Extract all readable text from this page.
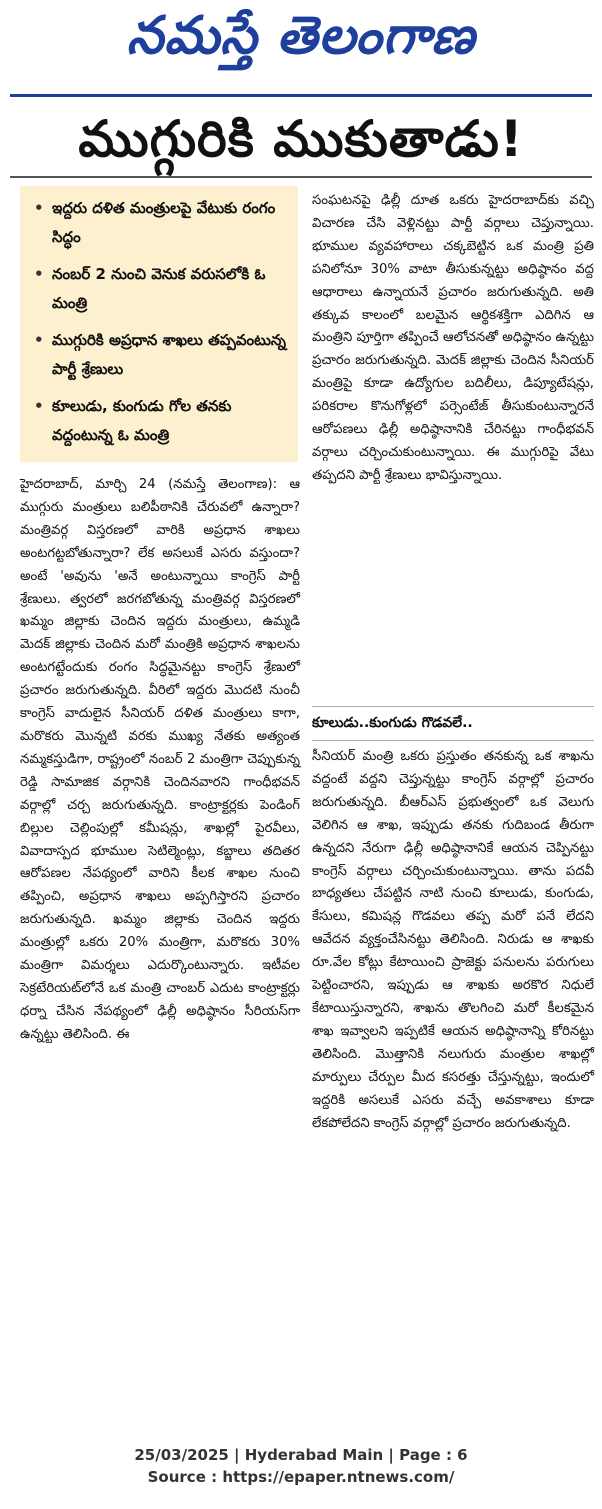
నమస్తే తెలంగాణ
ముగ్గురికి ముకుతాడు!
• ఇద్దరు దళిత మంత్రులపై వేటుకు రంగం సిద్ధం
• నంబర్ 2 నుంచి వెనుక వరుసలోకి ఓ మంత్రి
• ముగ్గురికి అప్రధాన శాఖలు తప్పవంటున్న పార్టీ శ్రేణులు
• కూలుడు, కుంగుడు గోల తనకు వద్దంటున్న ఓ మంత్రి

హైదరాబాద్, మార్చి 24 (నమస్తే తెలంగాణ): ఆ ముగ్గురు మంత్రులు బలిపీఠానికి చేరువలో ఉన్నారా? మంత్రివర్గ విస్తరణలో వారికి అప్రధాన శాఖలు అంటగట్టబోతున్నారా? లేక అసలుకే ఎసరు వస్తుందా? అంటే 'అవును 'అనే అంటున్నాయి కాంగ్రెస్ పార్టీ శ్రేణులు. త్వరలో జరగబోతున్న మంత్రివర్గ విస్తరణలో ఖమ్మం జిల్లాకు చెందిన ఇద్దరు మంత్రులు, ఉమ్మడి మెదక్ జిల్లాకు చెందిన మరో మంత్రికి అప్రధాన శాఖలను అంటగట్టేందుకు రంగం సిద్ధమైనట్టు కాంగ్రెస్ శ్రేణులో ప్రచారం జరుగుతున్నది. వీరిలో ఇద్దరు మొదటి నుంచీ కాంగ్రెస్ వాదులైన సీనియర్ దళిత మంత్రులు కాగా, మరొకరు మొన్నటి వరకు ముఖ్య నేతకు అత్యంత నమ్మకస్తుడిగా, రాష్ట్రంలో నంబర్ 2 మంత్రిగా చెప్పుకున్న రెడ్డి సామాజిక వర్గానికి చెందినవారని గాంధీభవన్ వర్గాల్లో చర్చ జరుగుతున్నది. కాంట్రాక్టర్లకు పెండింగ్ బిల్లుల చెల్లింపుల్లో కమీషన్లు, శాఖల్లో పైరవీలు, వివాదాస్పద భూముల సెటిల్మెంట్లు, కబ్జాలు తదితర ఆరోపణల నేపథ్యంలో వారిని కీలక శాఖల నుంచి తప్పించి, అప్రధాన శాఖలు అప్పగిస్తారని ప్రచారం జరుగుతున్నది. ఖమ్మం జిల్లాకు చెందిన ఇద్దరు మంత్రుల్లో ఒకరు 20% మంత్రిగా, మరొకరు 30% మంత్రిగా విమర్శలు ఎదుర్కొంటున్నారు. ఇటీవల సెక్రటేరియట్‌లోనే ఒక మంత్రి చాంబర్ ఎదుట కాంట్రాక్టర్లు ధర్నా చేసిన నేపథ్యంలో ఢిల్లీ అధిష్ఠానం సీరియస్‌గా ఉన్నట్టు తెలిసింది. ఈ

సంఘటనపై ఢిల్లీ దూత ఒకరు హైదరాబాద్‌కు వచ్చి విచారణ చేసి వెళ్లినట్టు పార్టీ వర్గాలు చెప్తున్నాయి. భూముల వ్యవహారాలు చక్కబెట్టిన ఒక మంత్రి ప్రతి పనిలోనూ 30% వాటా తీసుకున్నట్టు అధిష్ఠానం వద్ద ఆధారాలు ఉన్నాయనే ప్రచారం జరుగుతున్నది. అతి తక్కువ కాలంలో బలమైన ఆర్థికశక్తిగా ఎదిగిన ఆ మంత్రిని పూర్తిగా తప్పించే ఆలోచనతో అధిష్ఠానం ఉన్నట్టు ప్రచారం జరుగుతున్నది. మెదక్ జిల్లాకు చెందిన సీనియర్ మంత్రిపై కూడా ఉద్యోగుల బదిలీలు, డిప్యూటేషన్లు, పరికరాల కొనుగోళ్లలో పర్సెంటేజ్ తీసుకుంటున్నారనే ఆరోపణలు ఢిల్లీ అధిష్ఠానానికి చేరినట్టు గాంధీభవన్ వర్గాలు చర్చించుకుంటున్నాయి. ఈ ముగ్గురిపై వేటు తప్పదని పార్టీ శ్రేణులు భావిస్తున్నాయి.

కూలుడు..కుంగుడు గొడవలే..

సీనియర్ మంత్రి ఒకరు ప్రస్తుతం తనకున్న ఒక శాఖను వద్దంటే వద్దని చెప్తున్నట్టు కాంగ్రెస్ వర్గాల్లో ప్రచారం జరుగుతున్నది. బీఆర్ఎస్ ప్రభుత్వంలో ఒక వెలుగు వెలిగిన ఆ శాఖ, ఇప్పుడు తనకు గుదిబండ తీరుగా ఉన్నదని నేరుగా ఢిల్లీ అధిష్ఠానానికే ఆయన చెప్పినట్టు కాంగ్రెస్ వర్గాలు చర్చించుకుంటున్నాయి. తాను పదవీ బాధ్యతలు చేపట్టిన నాటి నుంచి కూలుడు, కుంగుడు, కేసులు, కమిషన్ల గొడవలు తప్ప మరో పనే లేదని ఆవేదన వ్యక్తంచేసినట్టు తెలిసింది. నిరుడు ఆ శాఖకు రూ.వేల కోట్లు కేటాయించి ప్రాజెక్టు పనులను పరుగులు పెట్టించారని, ఇప్పుడు ఆ శాఖకు అరకొర నిధులే కేటాయిస్తున్నారని, శాఖను తొలగించి మరో కీలకమైన శాఖ ఇవ్వాలని ఇప్పటికే ఆయన అధిష్ఠానాన్ని కోరినట్టు తెలిసింది. మొత్తానికి నలుగురు మంత్రుల శాఖల్లో మార్పులు చేర్పుల మీద కసరత్తు చేస్తున్నట్టు, ఇందులో ఇద్దరికి అసలుకే ఎసరు వచ్చే అవకాశాలు కూడా లేకపోలేదని కాంగ్రెస్ వర్గాల్లో ప్రచారం జరుగుతున్నది.

25/03/2025 | Hyderabad Main | Page : 6
Source : https://epaper.ntnews.com/
